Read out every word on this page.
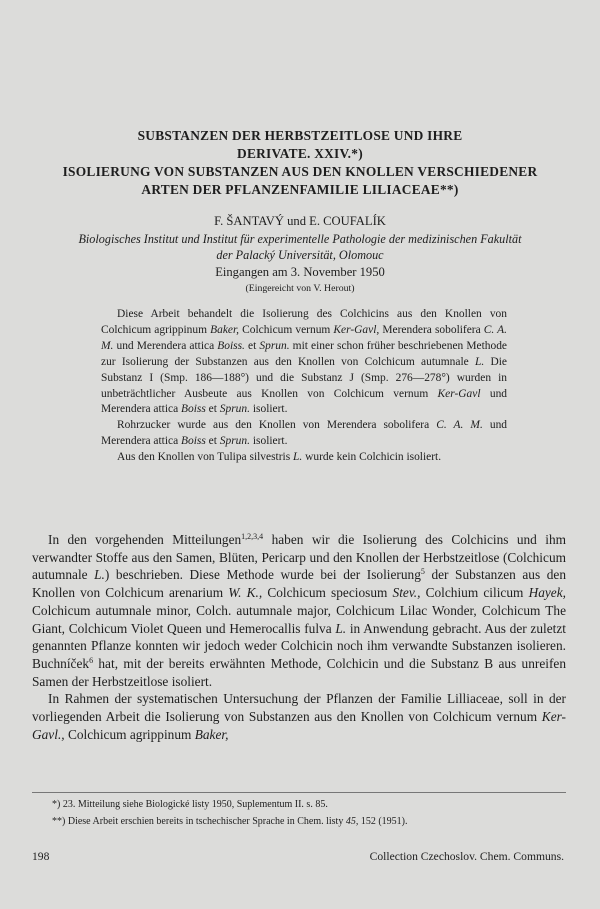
SUBSTANZEN DER HERBSTZEITLOSE UND IHRE
DERIVATE. XXIV.*)
ISOLIERUNG VON SUBSTANZEN AUS DEN KNOLLEN VERSCHIEDENER
ARTEN DER PFLANZENFAMILIE LILIACEAE**)
F. ŠANTAVÝ und E. COUFALÍK
Biologisches Institut und Institut für experimentelle Pathologie der medizinischen Fakultät
der Palacký Universität, Olomouc
Eingangen am 3. November 1950
(Eingereicht von V. Herout)

Diese Arbeit behandelt die Isolierung des Colchicins aus den Knollen von Colchicum agrippinum Baker, Colchicum vernum Ker-Gavl, Merendera sobolifera C. A. M. und Merendera attica Boiss. et Sprun. mit einer schon früher beschriebenen Methode zur Isolierung der Substanzen aus den Knollen von Colchicum autumnale L. Die Substanz I (Smp. 186—188°) und die Substanz J (Smp. 276—278°) wurden in unbeträchtlicher Ausbeute aus Knollen von Colchicum vernum Ker-Gavl und Merendera attica Boiss et Sprun. isoliert.

Rohrzucker wurde aus den Knollen von Merendera sobolifera C. A. M. und Merendera attica Boiss et Sprun. isoliert.

Aus den Knollen von Tulipa silvestris L. wurde kein Colchicin isoliert.

In den vorgehenden Mitteilungen$^{1,2,3,4}$ haben wir die Isolierung des Colchicins und ihm verwandter Stoffe aus den Samen, Blüten, Pericarp und den Knollen der Herbstzeitlose (Colchicum autumnale L.) beschrieben. Diese Methode wurde bei der Isolierung$^5$ der Substanzen aus den Knollen von Colchicum arenarium W. K., Colchicum speciosum Stev., Colchium cilicum Hayek, Colchicum autumnale minor, Colch. autumnale major, Colchicum Lilac Wonder, Colchicum The Giant, Colchicum Violet Queen und Hemerocallis fulva L. in Anwendung gebracht. Aus der zuletzt genannten Pflanze konnten wir jedoch weder Colchicin noch ihm verwandte Substanzen isolieren. Buchníček$^6$ hat, mit der bereits erwähnten Methode, Colchicin und die Substanz B aus unreifen Samen der Herbstzeitlose isoliert.

In Rahmen der systematischen Untersuchung der Pflanzen der Familie Lilliaceae, soll in der vorliegenden Arbeit die Isolierung von Substanzen aus den Knollen von Colchicum vernum Ker-Gavl., Colchicum agrippinum Baker,

*) 23. Mitteilung siehe Biologické listy 1950, Suplementum II. s. 85.
**) Diese Arbeit erschien bereits in tschechischer Sprache in Chem. listy 45, 152 (1951).
198	Collection Czechoslov. Chem. Communs.
